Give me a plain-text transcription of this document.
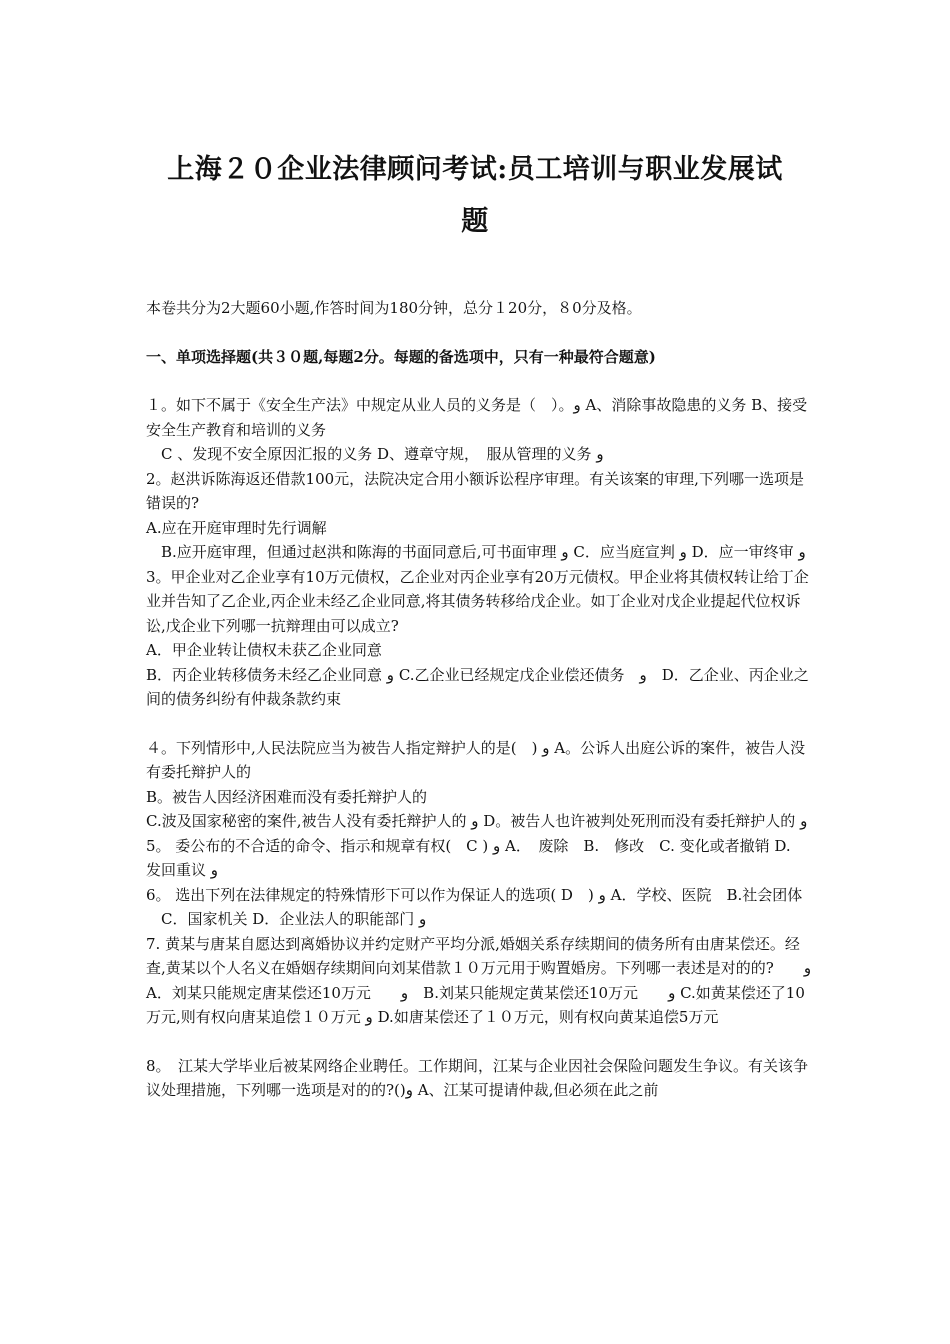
上海２０企业法律顾问考试:员工培训与职业发展试
题

本卷共分为2大题60小题,作答时间为180分钟，总分１20分，８0分及格。

一、单项选择题(共３０题,每题2分。每题的备选项中，只有一种最符合题意)

１。如下不属于《安全生产法》中规定从业人员的义务是（　）。و A、消除事故隐患的义务 B、接受安全生产教育和培训的义务

　C 、发现不安全原因汇报的义务 D、遵章守规，　服从管理的义务 و

2。赵洪诉陈海返还借款100元，法院决定合用小额诉讼程序审理。有关该案的审理,下列哪一选项是错误的?

A.应在开庭审理时先行调解

　B.应开庭审理，但通过赵洪和陈海的书面同意后,可书面审理 و C．应当庭宣判 و D．应一审终审 و

3。甲企业对乙企业享有10万元债权，乙企业对丙企业享有20万元债权。甲企业将其债权转让给丁企业并告知了乙企业,丙企业未经乙企业同意,将其债务转移给戊企业。如丁企业对戊企业提起代位权诉讼,戊企业下列哪一抗辩理由可以成立?

A．甲企业转让债权未获乙企业同意

B．丙企业转移债务未经乙企业同意 و C.乙企业已经规定戊企业偿还债务　و　D．乙企业、丙企业之间的债务纠纷有仲裁条款约束

４。下列情形中,人民法院应当为被告人指定辩护人的是(　) و A。公诉人出庭公诉的案件，被告人没有委托辩护人的

B。被告人因经济困难而没有委托辩护人的

C.波及国家秘密的案件,被告人没有委托辩护人的 و D。被告人也许被判处死刑而没有委托辩护人的 و

5。 委公布的不合适的命令、指示和规章有权(　C ) و A．　废除　B.　修改　C. 变化或者撤销 D.　发回重议 و

6。 选出下列在法律规定的特殊情形下可以作为保证人的选项( D　) و A．学校、医院　B.社会团体

　C．国家机关 D．企业法人的职能部门 و

7. 黄某与唐某自愿达到离婚协议并约定财产平均分派,婚姻关系存续期间的债务所有由唐某偿还。经查,黄某以个人名义在婚姻存续期间向刘某借款１０万元用于购置婚房。下列哪一表述是对的的?　　و A．刘某只能规定唐某偿还10万元　　و　B.刘某只能规定黄某偿还10万元　　و C.如黄某偿还了10万元,则有权向唐某追偿１０万元 و D.如唐某偿还了１０万元，则有权向黄某追偿5万元

8。　江某大学毕业后被某网络企业聘任。工作期间，江某与企业因社会保险问题发生争议。有关该争议处理措施，下列哪一选项是对的的?()و A、江某可提请仲裁,但必须在此之前
